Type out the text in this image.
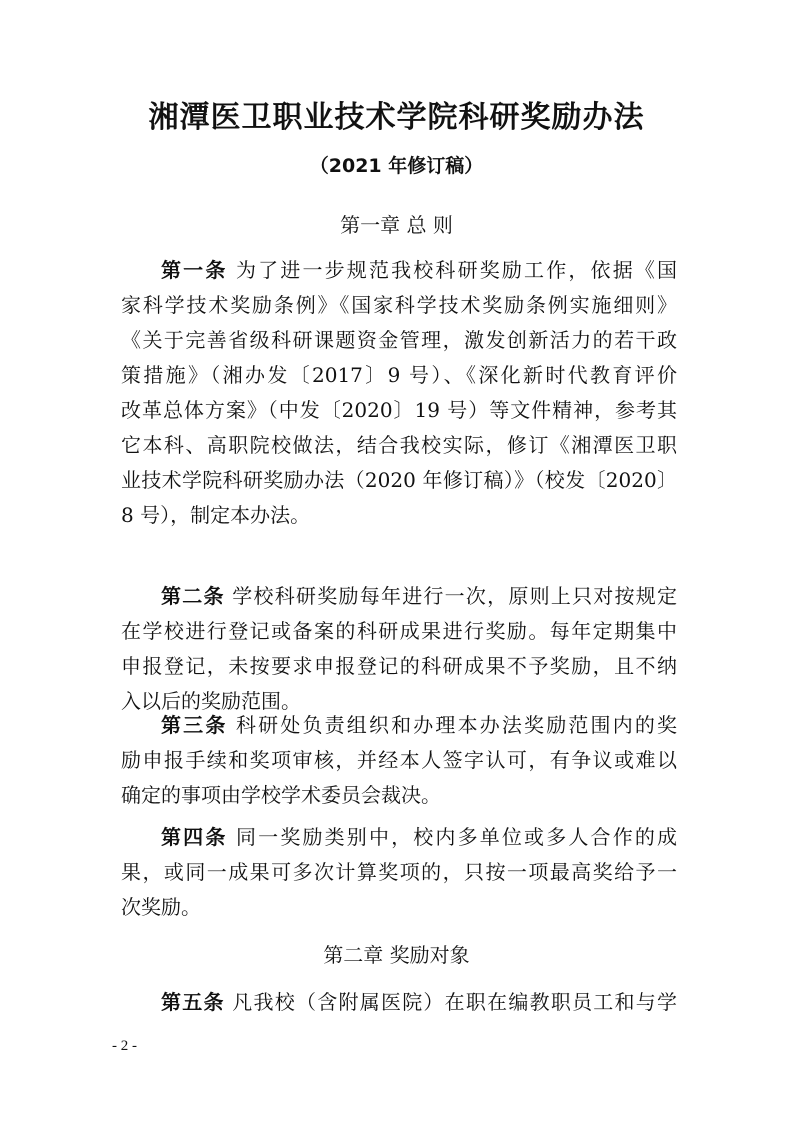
湘潭医卫职业技术学院科研奖励办法
（2021 年修订稿）
第一章 总 则
第一条 为了进一步规范我校科研奖励工作，依据《国
家科学技术奖励条例》《国家科学技术奖励条例实施细则》
《关于完善省级科研课题资金管理，激发创新活力的若干政
策措施》（湘办发〔2017〕9 号）、《深化新时代教育评价
改革总体方案》（中发〔2020〕19 号）等文件精神，参考其
它本科、高职院校做法，结合我校实际，修订《湘潭医卫职
业技术学院科研奖励办法（2020 年修订稿）》（校发〔2020〕
8 号），制定本办法。
第二条 学校科研奖励每年进行一次，原则上只对按规定
在学校进行登记或备案的科研成果进行奖励。每年定期集中
申报登记，未按要求申报登记的科研成果不予奖励，且不纳
入以后的奖励范围。
第三条 科研处负责组织和办理本办法奖励范围内的奖
励申报手续和奖项审核，并经本人签字认可，有争议或难以
确定的事项由学校学术委员会裁决。
第四条 同一奖励类别中，校内多单位或多人合作的成
果，或同一成果可多次计算奖项的，只按一项最高奖给予一
次奖励。
第二章 奖励对象
第五条 凡我校（含附属医院）在职在编教职员工和与学
- 2 -
